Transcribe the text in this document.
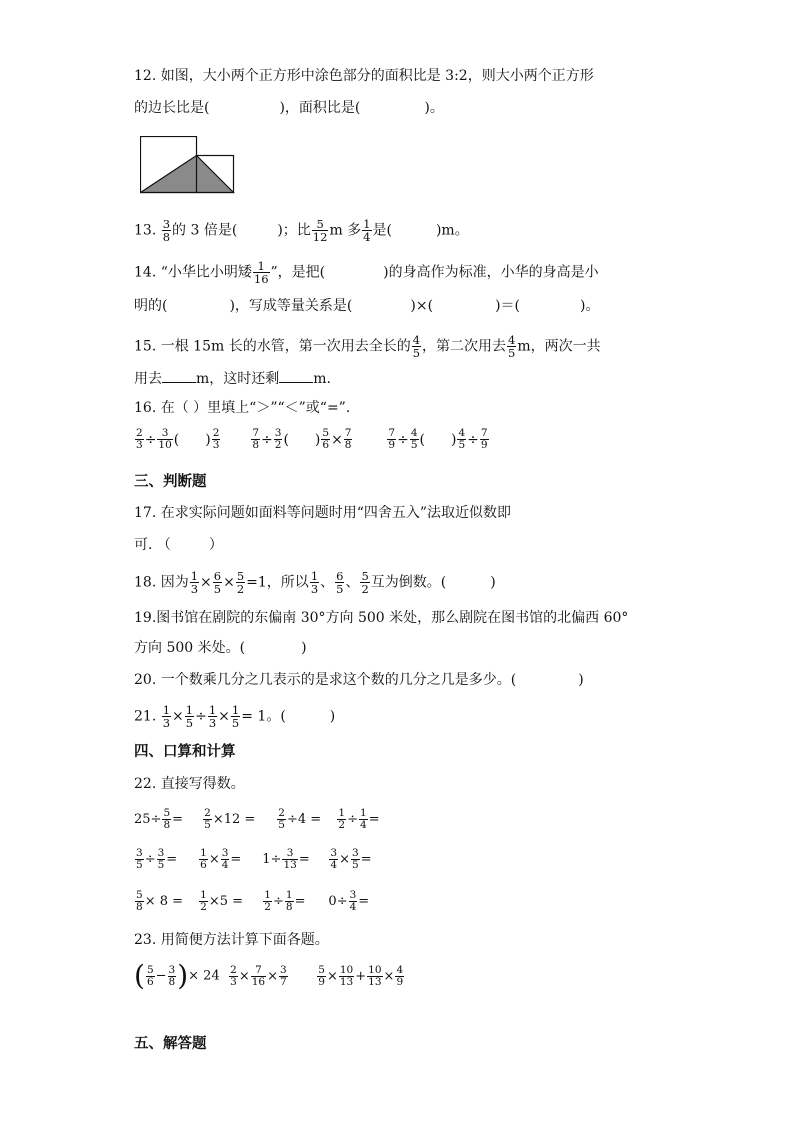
12. 如图，大小两个正方形中涂色部分的面积比是 3:2，则大小两个正方形
的边长比是(	)，面积比是(	)。
13. $\frac{3}{8}$ 的 3 倍是(	)；比 $\frac{5}{12}$ m 多 $\frac{1}{4}$ 是(	)m。
14. “小华比小明矮 $\frac{1}{16}$ ”，是把(	)的身高作为标准，小华的身高是小
明的(	)，写成等量关系是(	)×(	)＝(	)。
15. 一根 15m 长的水管，第一次用去全长的 $\frac{4}{5}$ ，第二次用去 $\frac{4}{5}$ m，两次一共
用去 m，这时还剩 m.
16. 在（ ）里填上“＞”“＜”或“=”.
$\frac{2}{3} \div \frac{3}{10}$ ( ) $\frac{2}{3}$
	$\frac{7}{8} \div \frac{3}{2}$ ( ) $\frac{5}{6} \times \frac{7}{8}$
	$\frac{7}{9} \div \frac{4}{5}$ ( ) $\frac{4}{5} \div \frac{7}{9}$
三、判断题
17. 在求实际问题如面料等问题时用“四舍五入”法取近似数即
可. （	）
18. 因为 $\frac{1}{3} \times \frac{6}{5} \times \frac{5}{2} =1$，所以 $\frac{1}{3}$ 、 $\frac{6}{5}$ 、 $\frac{5}{2}$ 互为倒数。(	)
19.图书馆在剧院的东偏南 30°方向 500 米处，那么剧院在图书馆的北偏西 60°
方向 500 米处。(	)
20. 一个数乘几分之几表示的是求这个数的几分之几是多少。(	)
21. $\frac{1}{3} \times \frac{1}{5} \div \frac{1}{3} \times \frac{1}{5} = 1$。(	)
四、口算和计算
22. 直接写得数。
$25\div \frac{5}{8} = \frac{2}{5} \times 12 = \frac{2}{5} \div 4 = \frac{1}{2} \div \frac{1}{4}$ =
$\frac{3}{5} \div \frac{3}{5} = \frac{1}{6} \times \frac{3}{4} = 1\div \frac{3}{13} = \frac{3}{4} \times \frac{3}{5}$ =
$\frac{5}{8} \times 8 = \frac{1}{2} \times 5 = \frac{1}{2} \div \frac{1}{8} = 0\div \frac{3}{4}$ =
23. 用简便方法计算下面各题。
( $\frac{5}{6} - \frac{3}{8}$ )× $24 \frac{2}{3} \times \frac{7}{16} \times \frac{3}{7}$
	$\frac{5}{9} \times \frac{10}{13} + \frac{10}{13} \times \frac{4}{9}$
五、解答题
